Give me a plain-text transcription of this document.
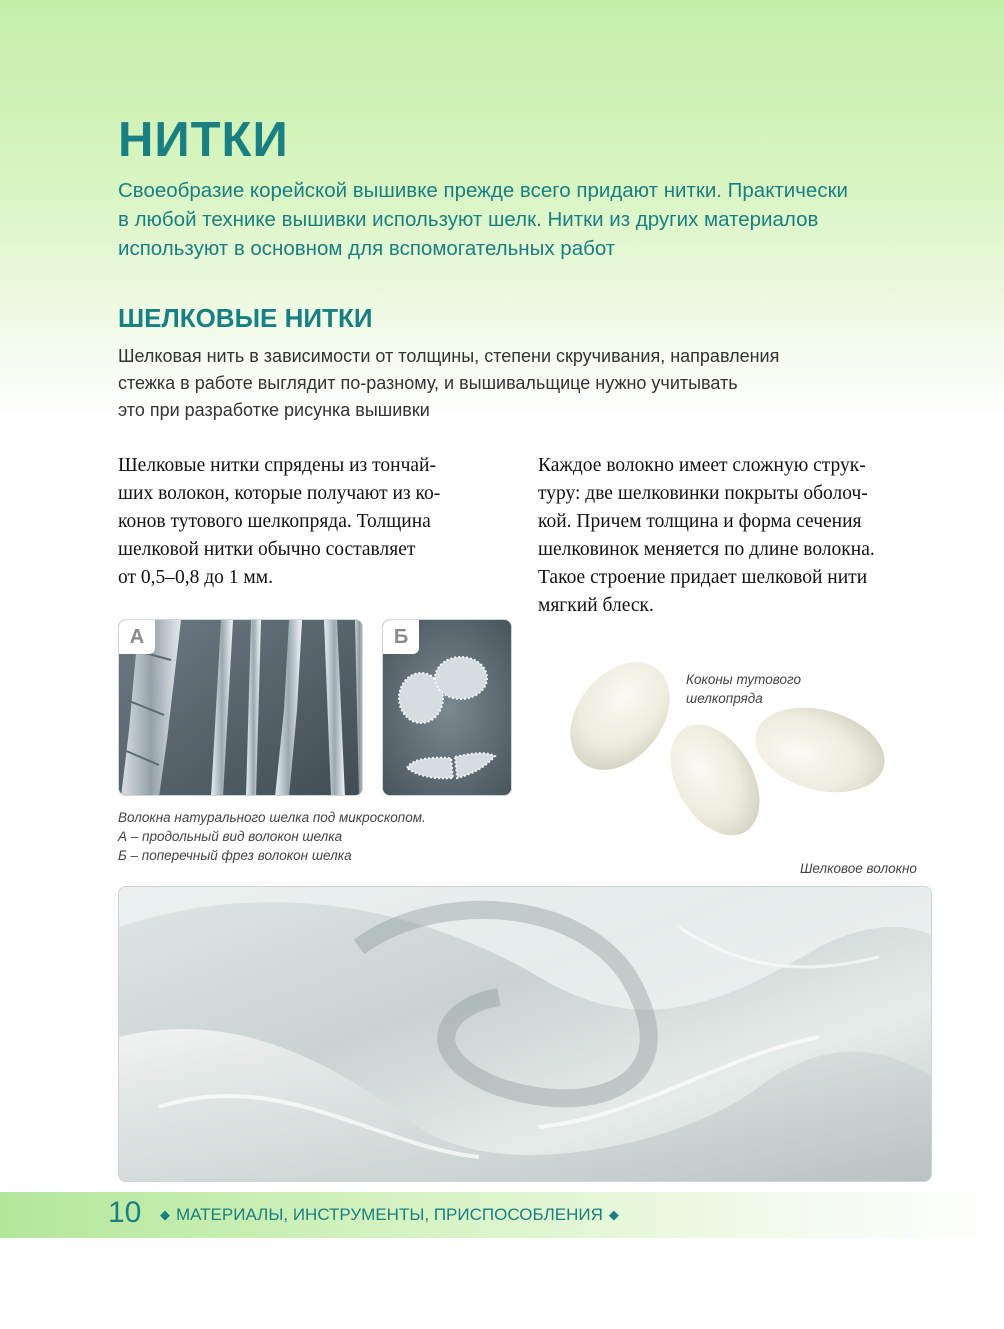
НИТКИ

Своеобразие корейской вышивке прежде всего придают нитки. Практически
в любой технике вышивки используют шелк. Нитки из других материалов
используют в основном для вспомогательных работ

ШЕЛКОВЫЕ НИТКИ

Шелковая нить в зависимости от толщины, степени скручивания, направления
стежка в работе выглядит по-разному, и вышивальщице нужно учитывать
это при разработке рисунка вышивки

Шелковые нитки спрядены из тончай-
ших волокон, которые получают из ко-
конов тутового шелкопряда. Толщина
шелковой нитки обычно составляет
от 0,5–0,8 до 1 мм.

Каждое волокно имеет сложную струк-
туру: две шелковинки покрыты оболоч-
кой. Причем толщина и форма сечения
шелковинок меняется по длине волокна.
Такое строение придает шелковой нити
мягкий блеск.

А	Б

Волокна натурального шелка под микроскопом.
А – продольный вид волокон шелка
Б – поперечный фрез волокон шелка

Коконы тутового
шелкопряда

Шелковое волокно

10 ◆ МАТЕРИАЛЫ, ИНСТРУМЕНТЫ, ПРИСПОСОБЛЕНИЯ ◆
